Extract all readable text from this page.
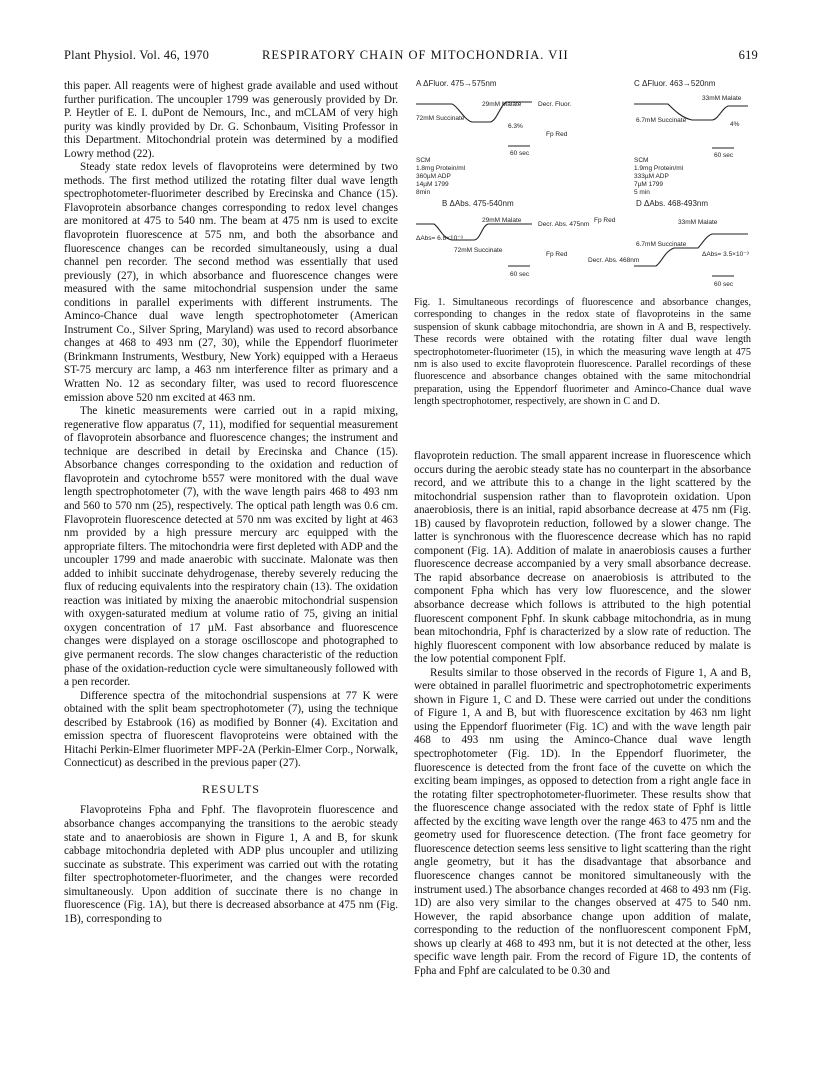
Plant Physiol. Vol. 46, 1970	RESPIRATORY CHAIN OF MITOCHONDRIA. VII	619

this paper. All reagents were of highest grade available and used without further purification. The uncoupler 1799 was generously provided by Dr. P. Heytler of E. I. duPont de Nemours, Inc., and mCLAM of very high purity was kindly provided by Dr. G. Schonbaum, Visiting Professor in this Department. Mitochondrial protein was determined by a modified Lowry method (22).

Steady state redox levels of flavoproteins were determined by two methods. The first method utilized the rotating filter dual wave length spectrophotometer-fluorimeter described by Erecinska and Chance (15). Flavoprotein absorbance changes corresponding to redox level changes are monitored at 475 to 540 nm. The beam at 475 nm is used to excite flavoprotein fluorescence at 575 nm, and both the absorbance and fluorescence changes can be recorded simultaneously, using a dual channel pen recorder. The second method was essentially that used previously (27), in which absorbance and fluorescence changes were measured with the same mitochondrial suspension under the same conditions in parallel experiments with different instruments. The Aminco-Chance dual wave length spectrophotometer (American Instrument Co., Silver Spring, Maryland) was used to record absorbance changes at 468 to 493 nm (27, 30), while the Eppendorf fluorimeter (Brinkmann Instruments, Westbury, New York) equipped with a Heraeus ST-75 mercury arc lamp, a 463 nm interference filter as primary and a Wratten No. 12 as secondary filter, was used to record fluorescence emission above 520 nm excited at 463 nm.

The kinetic measurements were carried out in a rapid mixing, regenerative flow apparatus (7, 11), modified for sequential measurement of flavoprotein absorbance and fluorescence changes; the instrument and technique are described in detail by Erecinska and Chance (15). Absorbance changes corresponding to the oxidation and reduction of flavoprotein and cytochrome b557 were monitored with the dual wave length spectrophotometer (7), with the wave length pairs 468 to 493 nm and 560 to 570 nm (25), respectively. The optical path length was 0.6 cm. Flavoprotein fluorescence detected at 570 nm was excited by light at 463 nm provided by a high pressure mercury arc equipped with the appropriate filters. The mitochondria were first depleted with ADP and the uncoupler 1799 and made anaerobic with succinate. Malonate was then added to inhibit succinate dehydrogenase, thereby severely reducing the flux of reducing equivalents into the respiratory chain (13). The oxidation reaction was initiated by mixing the anaerobic mitochondrial suspension with oxygen-saturated medium at volume ratio of 75, giving an initial oxygen concentration of 17 µM. Fast absorbance and fluorescence changes were displayed on a storage oscilloscope and photographed to give permanent records. The slow changes characteristic of the reduction phase of the oxidation-reduction cycle were simultaneously followed with a pen recorder.

Difference spectra of the mitochondrial suspensions at 77 K were obtained with the split beam spectrophotometer (7), using the technique described by Estabrook (16) as modified by Bonner (4). Excitation and emission spectra of fluorescent flavoproteins were obtained with the Hitachi Perkin-Elmer fluorimeter MPF-2A (Perkin-Elmer Corp., Norwalk, Connecticut) as described in the previous paper (27).

RESULTS

Flavoproteins Fpha and Fphf. The flavoprotein fluorescence and absorbance changes accompanying the transitions to the aerobic steady state and to anaerobiosis are shown in Figure 1, A and B, for skunk cabbage mitochondria depleted with ADP plus uncoupler and utilizing succinate as substrate. This experiment was carried out with the rotating filter spectrophotometer-fluorimeter, and the changes were recorded simultaneously. Upon addition of succinate there is no change in fluorescence (Fig. 1A), but there is decreased absorbance at 475 nm (Fig. 1B), corresponding to

A ΔFluor. 475→575nm
29mM Malate
72mM Succinate
6.3%
60 sec
Decr. Fluor.
Fp Red
SCM
1.8mg Protein/ml
360µM ADP
14µM 1799
8min
B ΔAbs. 475-540nm
29mM Malate
72mM Succinate
ΔAbs= 6.8×10⁻³
60 sec
Decr. Abs. 475nm
Fp Red
C ΔFluor. 463→520nm
33mM Malate
6.7mM Succinate
4%
60 sec
SCM
1.9mg Protein/ml
333µM ADP
7µM 1799
5 min
D ΔAbs. 468-493nm
33mM Malate
6.7mM Succinate
ΔAbs= 3.5×10⁻³
60 sec
Fp Red
Decr. Abs. 468nm
Fig. 1. Simultaneous recordings of fluorescence and absorbance changes, corresponding to changes in the redox state of flavoproteins in the same suspension of skunk cabbage mitochondria, are shown in A and B, respectively. These records were obtained with the rotating filter dual wave length spectrophotometer-fluorimeter (15), in which the measuring wave length at 475 nm is also used to excite flavoprotein fluorescence. Parallel recordings of these fluorescence and absorbance changes obtained with the same mitochondrial preparation, using the Eppendorf fluorimeter and Aminco-Chance dual wave length spectrophotomer, respectively, are shown in C and D.

flavoprotein reduction. The small apparent increase in fluorescence which occurs during the aerobic steady state has no counterpart in the absorbance record, and we attribute this to a change in the light scattered by the mitochondrial suspension rather than to flavoprotein oxidation. Upon anaerobiosis, there is an initial, rapid absorbance decrease at 475 nm (Fig. 1B) caused by flavoprotein reduction, followed by a slower change. The latter is synchronous with the fluorescence decrease which has no rapid component (Fig. 1A). Addition of malate in anaerobiosis causes a further fluorescence decrease accompanied by a very small absorbance decrease. The rapid absorbance decrease on anaerobiosis is attributed to the component Fpha which has very low fluorescence, and the slower absorbance decrease which follows is attributed to the high potential fluorescent component Fphf. In skunk cabbage mitochondria, as in mung bean mitochondria, Fphf is characterized by a slow rate of reduction. The highly fluorescent component with low absorbance reduced by malate is the low potential component Fplf.

Results similar to those observed in the records of Figure 1, A and B, were obtained in parallel fluorimetric and spectrophotometric experiments shown in Figure 1, C and D. These were carried out under the conditions of Figure 1, A and B, but with fluorescence excitation by 463 nm light using the Eppendorf fluorimeter (Fig. 1C) and with the wave length pair 468 to 493 nm using the Aminco-Chance dual wave length spectrophotometer (Fig. 1D). In the Eppendorf fluorimeter, the fluorescence is detected from the front face of the cuvette on which the exciting beam impinges, as opposed to detection from a right angle face in the rotating filter spectrophotometer-fluorimeter. These results show that the fluorescence change associated with the redox state of Fphf is little affected by the exciting wave length over the range 463 to 475 nm and the geometry used for fluorescence detection. (The front face geometry for fluorescence detection seems less sensitive to light scattering than the right angle geometry, but it has the disadvantage that absorbance and fluorescence changes cannot be monitored simultaneously with the instrument used.) The absorbance changes recorded at 468 to 493 nm (Fig. 1D) are also very similar to the changes observed at 475 to 540 nm. However, the rapid absorbance change upon addition of malate, corresponding to the reduction of the nonfluorescent component FpM, shows up clearly at 468 to 493 nm, but it is not detected at the other, less specific wave length pair. From the record of Figure 1D, the contents of Fpha and Fphf are calculated to be 0.30 and
